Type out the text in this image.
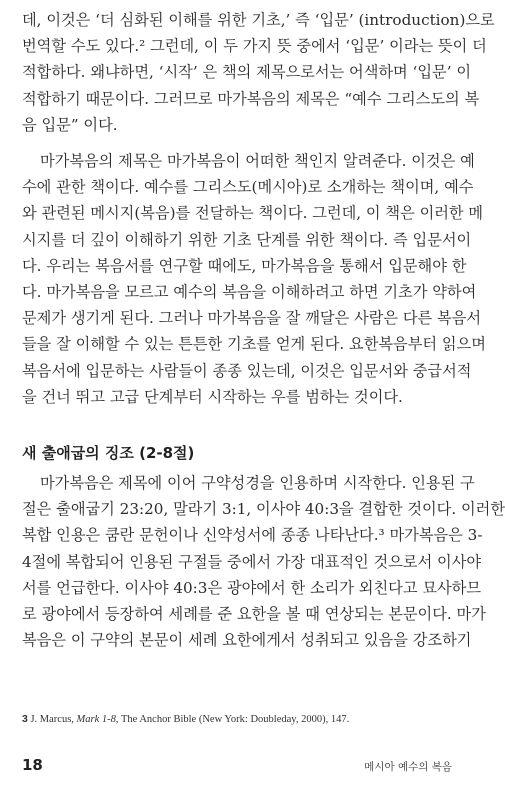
데, 이것은 ‘더 심화된 이해를 위한 기초,’ 즉 ‘입문’ (introduction)으로
번역할 수도 있다.² 그런데, 이 두 가지 뜻 중에서 ‘입문’ 이라는 뜻이 더
적합하다. 왜냐하면, ‘시작’ 은 책의 제목으로서는 어색하며 ‘입문’ 이
적합하기 때문이다. 그러므로 마가복음의 제목은 “예수 그리스도의 복
음 입문” 이다.
마가복음의 제목은 마가복음이 어떠한 책인지 알려준다. 이것은 예
수에 관한 책이다. 예수를 그리스도(메시아)로 소개하는 책이며, 예수
와 관련된 메시지(복음)를 전달하는 책이다. 그런데, 이 책은 이러한 메
시지를 더 깊이 이해하기 위한 기초 단계를 위한 책이다. 즉 입문서이
다. 우리는 복음서를 연구할 때에도, 마가복음을 통해서 입문해야 한
다. 마가복음을 모르고 예수의 복음을 이해하려고 하면 기초가 약하여
문제가 생기게 된다. 그러나 마가복음을 잘 깨달은 사람은 다른 복음서
들을 잘 이해할 수 있는 튼튼한 기초를 얻게 된다. 요한복음부터 읽으며
복음서에 입문하는 사람들이 종종 있는데, 이것은 입문서와 중급서적
을 건너 뛰고 고급 단계부터 시작하는 우를 범하는 것이다.
새 출애굽의 징조 (2-8절)
마가복음은 제목에 이어 구약성경을 인용하며 시작한다. 인용된 구
절은 출애굽기 23:20, 말라기 3:1, 이사야 40:3을 결합한 것이다. 이러한
복합 인용은 쿰란 문헌이나 신약성서에 종종 나타난다.³ 마가복음은 3-
4절에 복합되어 인용된 구절들 중에서 가장 대표적인 것으로서 이사야
서를 언급한다. 이사야 40:3은 광야에서 한 소리가 외친다고 묘사하므
로 광야에서 등장하여 세례를 준 요한을 볼 때 연상되는 본문이다. 마가
복음은 이 구약의 본문이 세례 요한에게서 성취되고 있음을 강조하기
3 J. Marcus, Mark 1-8, The Anchor Bible (New York: Doubleday, 2000), 147.
18	메시아 예수의 복음
